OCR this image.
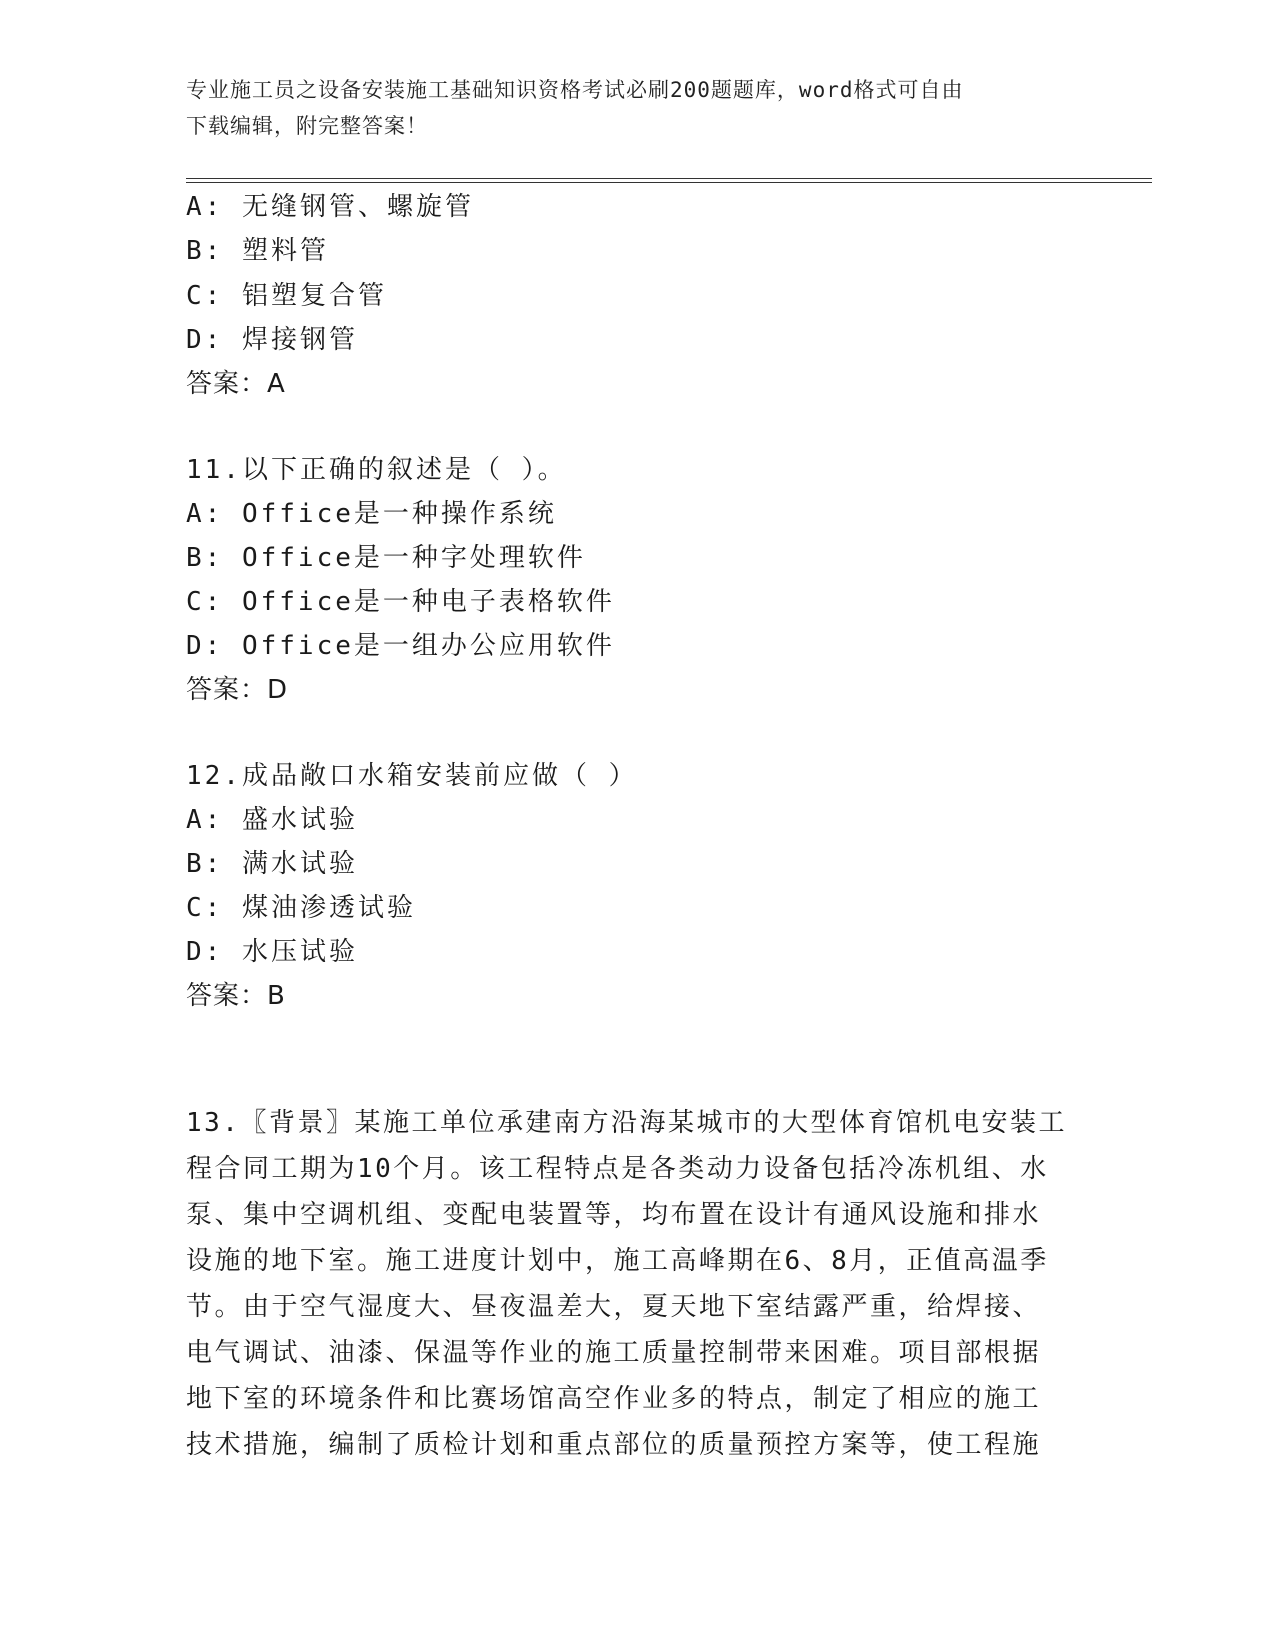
专业施工员之设备安装施工基础知识资格考试必刷200题题库，word格式可自由
下载编辑，附完整答案！
A: 无缝钢管、螺旋管
B: 塑料管
C: 铝塑复合管
D: 焊接钢管
答案：A
11.以下正确的叙述是（ ）。
A: Office是一种操作系统
B: Office是一种字处理软件
C: Office是一种电子表格软件
D: Office是一组办公应用软件
答案：D
12.成品敞口水箱安装前应做（ ）
A: 盛水试验
B: 满水试验
C: 煤油渗透试验
D: 水压试验
答案：B
13.〖背景〗某施工单位承建南方沿海某城市的大型体育馆机电安装工
程合同工期为10个月。该工程特点是各类动力设备包括冷冻机组、水
泵、集中空调机组、变配电装置等，均布置在设计有通风设施和排水
设施的地下室。施工进度计划中，施工高峰期在6、8月，正值高温季
节。由于空气湿度大、昼夜温差大，夏天地下室结露严重，给焊接、
电气调试、油漆、保温等作业的施工质量控制带来困难。项目部根据
地下室的环境条件和比赛场馆高空作业多的特点，制定了相应的施工
技术措施，编制了质检计划和重点部位的质量预控方案等，使工程施
